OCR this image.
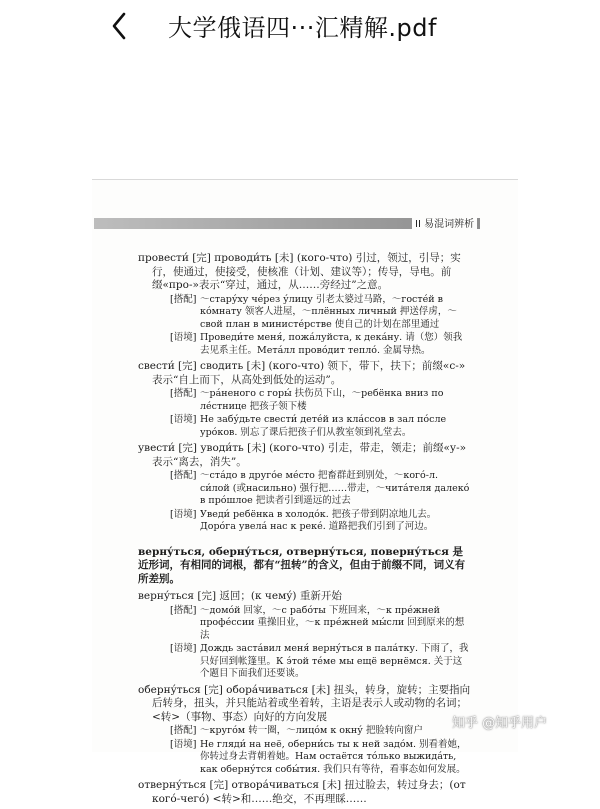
大学俄语四···汇精解.pdf
II 易混词辨析
провести́ [完] проводи́ть [未] (кого-что) 引过，领过，引导；实
行，使通过，使接受，使核准（计划、建议等）；传导，导电。前缀«про-»表示“穿过，通过，从……旁经过”之意。
[搭配] ～стару́ху че́рез у́лицу 引老太婆过马路，～госте́й в ко́мнату 领客人进屋，～плённых личный 押送俘虏，～свой план в министе́рстве 使自己的计划在部里通过
[语境] Проведи́те меня́, пожа́луйста, к дека́ну. 请（您）领我去见系主任。Мета́лл прово́дит тепло́. 金属导热。
свести́ [完] сводить [未] (кого-что) 领下，带下，扶下；前缀«с-»
表示“自上而下，从高处到低处的运动”。
[搭配] ～ра́неного с горы́ 扶伤员下山，～ребёнка вниз по ле́стнице 把孩子领下楼
[语境] Не забу́дьте свести́ дете́й из кла́ссов в зал по́сле уро́ков. 别忘了课后把孩子们从教室领到礼堂去。
увести́ [完] уводи́ть [未] (кого-что) 引走，带走，领走；前缀«у-»
表示“离去，消失”。
[搭配] ～ста́до в друго́е ме́сто 把畜群赶到别处，～кого́-л. си́лой (或насильно) 强行把……带走，～чита́теля далеко́ в про́шлое 把读者引到遥远的过去
[语境] Уведи́ ребёнка в холодо́к. 把孩子带到阴凉地儿去。Доро́га увела́ нас к реке́. 道路把我们引到了河边。
верну́ться, оберну́ться, отверну́ться, поверну́ться 是近形词，有相同的词根，都有“扭转”的含义，但由于前缀不同，词义有所差别。
верну́ться [完] 返回；(к чему́) 重新开始
[搭配] ～домо́й 回家，～с рабо́ты 下班回来，～к пре́жней профе́ссии 重操旧业，～к пре́жней мы́сли 回到原来的想法
[语境] Дождь заста́вил меня́ верну́ться в пала́тку. 下雨了，我只好回到帐篷里。К э́той те́ме мы ещё вернёмся. 关于这个题目下面我们还要谈。
оберну́ться [完] обора́чиваться [未] 扭头，转身，旋转；主要指向
后转身，扭头，并只能站着或坐着转，主语是表示人或动物的名词；<转>（事物、事态）向好的方向发展
[搭配] ～круго́м 转一圈，～лицо́м к окну́ 把脸转向窗户
[语境] Не гляди́ на неё, оберни́сь ты к ней задо́м. 别看着她，你转过身去背朝着她。Нам остаётся то́лько выжида́ть, как оберну́тся собы́тия. 我们只有等待，看事态如何发展。
отверну́ться [完] отвора́чиваться [未] 扭过脸去，转过身去；(от
кого́-чего́) <转>和……绝交，不再理睬……
知乎 @知乎用户
